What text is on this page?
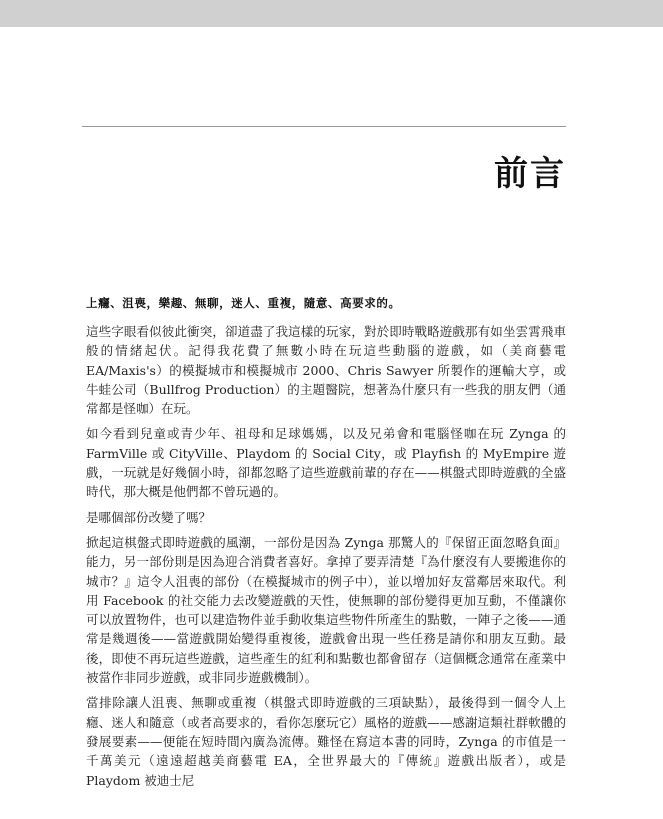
前言

上癮、沮喪，樂趣、無聊，迷人、重複，隨意、高要求的。

這些字眼看似彼此衝突，卻道盡了我這樣的玩家，對於即時戰略遊戲那有如坐雲霄飛車般的情緒起伏。記得我花費了無數小時在玩這些動腦的遊戲，如（美商藝電 EA/Maxis's）的模擬城市和模擬城市 2000、Chris Sawyer 所製作的運輸大亨，或牛蛙公司（Bullfrog Production）的主題醫院，想著為什麼只有一些我的朋友們（通常都是怪咖）在玩。

如今看到兒童或青少年、祖母和足球媽媽，以及兄弟會和電腦怪咖在玩 Zynga 的 FarmVille 或 CityVille、Playdom 的 Social City，或 Playfish 的 MyEmpire 遊戲，一玩就是好幾個小時，卻都忽略了這些遊戲前輩的存在——棋盤式即時遊戲的全盛時代，那大概是他們都不曾玩過的。

是哪個部份改變了嗎？

掀起這棋盤式即時遊戲的風潮，一部份是因為 Zynga 那驚人的『保留正面忽略負面』能力，另一部份則是因為迎合消費者喜好。拿掉了要弄清楚『為什麼沒有人要搬進你的城市？』這令人沮喪的部份（在模擬城市的例子中），並以增加好友當鄰居來取代。利用 Facebook 的社交能力去改變遊戲的天性，使無聊的部份變得更加互動，不僅讓你可以放置物件，也可以建造物件並手動收集這些物件所產生的點數，一陣子之後——通常是幾週後——當遊戲開始變得重複後，遊戲會出現一些任務是請你和朋友互動。最後，即使不再玩這些遊戲，這些產生的紅利和點數也都會留存（這個概念通常在產業中被當作非同步遊戲，或非同步遊戲機制）。

當排除讓人沮喪、無聊或重複（棋盤式即時遊戲的三項缺點），最後得到一個令人上癮、迷人和隨意（或者高要求的，看你怎麼玩它）風格的遊戲——感謝這類社群軟體的發展要素——便能在短時間內廣為流傳。難怪在寫這本書的同時，Zynga 的市值是一千萬美元（遠遠超越美商藝電 EA，全世界最大的『傳統』遊戲出版者），或是 Playdom 被迪士尼
